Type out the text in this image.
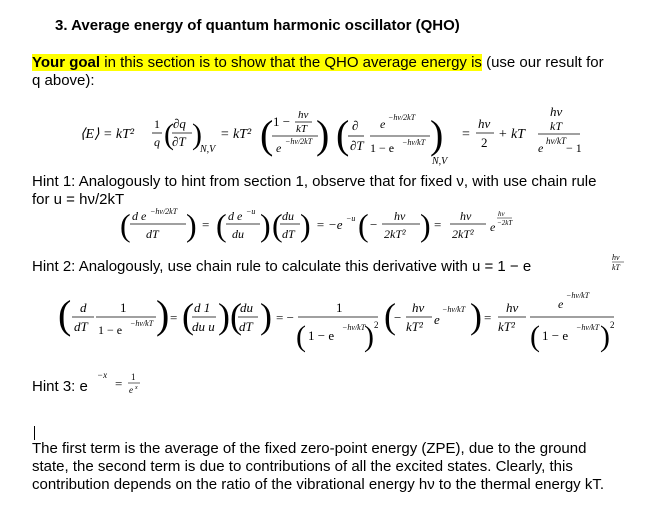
3. Average energy of quantum harmonic oscillator (QHO)
Your goal in this section is to show that the QHO average energy is (use our result for
q above):
⟨E⟩ = kT²
1
q ( ∂q
∂T )
N,V
= kT² ( 1 − hν
kT
e −hν/2kT ) ( ∂
∂T
e −hν/2kT
1 − e −hν/kT )
N,V
=
hν
2
+ kT
hν
kT
e hν/kT − 1
Hint 1: Analogously to hint from section 1, observe that for fixed ν, with use chain rule
for u = hν/2kT
( d e −hν/2kT
dT ) = ( d e −u
du ) ( du
dT ) = −e −u ( −
hν
2kT² ) =
hν
2kT² e
hν
−2kT
Hint 2: Analogously, use chain rule to calculate this derivative with u = 1 − e
hν
kT
( d
dT
1
1 − e −hν/kT ) = ( d 1
du u ) (
du
dT ) = −
1
( 1 − e
−hν/kT
) 2 (
−
hν
kT² e
−hν/kT ) =
hν
kT²
e
−hν/kT
( 1 − e
−hν/kT ) 2
Hint 3: e
−x
= 1
e x
The first term is the average of the fixed zero-point energy (ZPE), due to the ground
state, the second term is due to contributions of all the excited states. Clearly, this
contribution depends on the ratio of the vibrational energy hν to the thermal energy kT.
